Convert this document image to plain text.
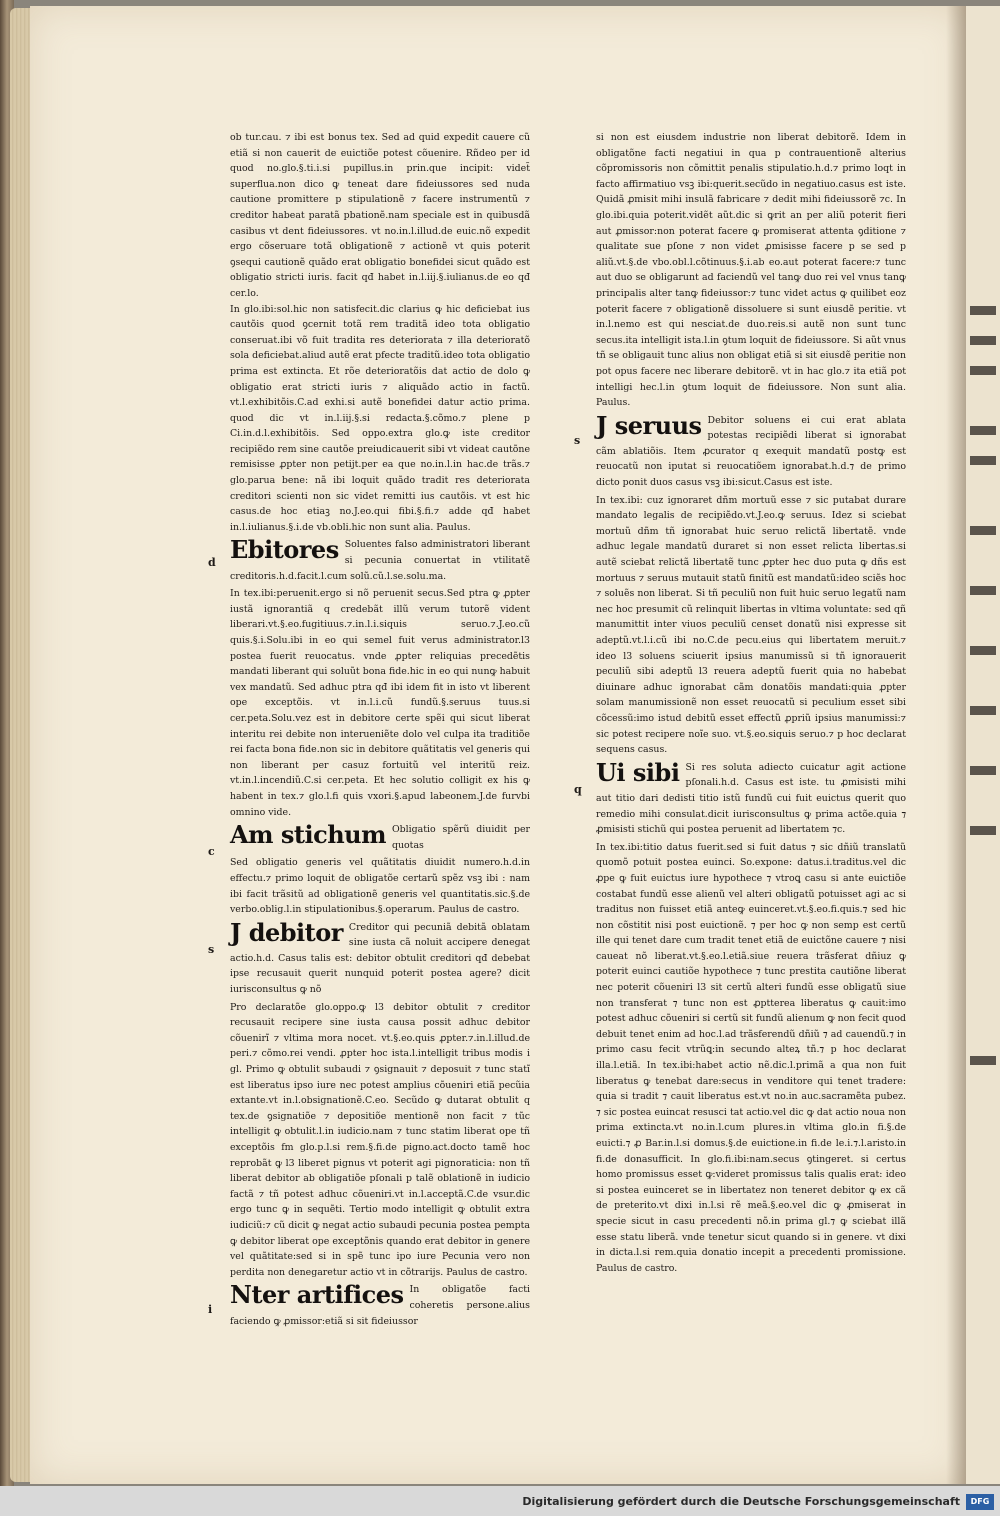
ob tur.cau. ⁊ ibi est bonus tex. Sed ad quid expedit cauere cũ etiã si non cauerit de euictiõe potest cõuenire. Rñdeo per id quod no.glo.§.ti.i.si pupillus.in prin.que incipit: videt̃ superflua.non dico ꝙ teneat dare fideiussores sed nuda cautione promittere p stipulationẽ ⁊ facere instrumentũ ⁊ creditor habeat paratã pbationẽ.nam speciale est in quibusdã casibus vt dent fideiussores. vt no.in.l.illud.de euic.nõ expedit ergo cõseruare totã obligationẽ ⁊ actionẽ vt quis poterit ꝯsequi cautionẽ quãdo erat obligatio bonefidei sicut quãdo est obligatio stricti iuris. facit qđ habet in.l.iij.§.iulianus.de eo qđ cer.lo.

In glo.ibi:sol.hic non satisfecit.dic clarius ꝙ hic deficiebat ius cautõis quod ꝯcernit totã rem traditã ideo tota obligatio conseruat.ibi võ fuit tradita res deteriorata ⁊ illa deterioratõ sola deficiebat.aliud autẽ erat pfecte traditũ.ideo tota obligatio prima est extincta. Et rõe deterioratõis dat actio de dolo ꝙ obligatio erat stricti iuris ⁊ aliquãdo actio in factũ. vt.l.exhibitõis.C.ad exhi.si autẽ bonefidei datur actio prima. quod dic vt in.l.iij.§.si redacta.§.cõmo.⁊ plene p Ci.in.d.l.exhibitõis. Sed oppo.extra glo.ꝙ iste creditor recipiẽdo rem sine cautõe preiudicauerit sibi vt videat cautõne remisisse ꝓpter non petijt.per ea que no.in.l.in hac.de trãs.⁊ glo.parua bene: nã ibi loquit quãdo tradit res deteriorata creditori scienti non sic videt remitti ius cautõis. vt est hic casus.de hoc etiaꝫ no.J.eo.qui fibi.§.fi.⁊ adde qđ habet in.l.iulianus.§.i.de vb.obli.hic non sunt alia. Paulus.

Ebitores Soluentes falso administratori liberant si pecunia conuertat in vtilitatẽ creditoris.h.d.facit.l.cum solũ.cũ.l.se.solu.ma.
d

In tex.ibi:peruenit.ergo si nõ peruenit secus.Sed ptra ꝙ ꝓpter iustã ignorantiã q credebãt illũ verum tutorẽ vident liberari.vt.§.eo.fugitiuus.⁊.in.l.i.siquis seruo.⁊.J.eo.cũ quis.§.i.Solu.ibi in eo qui semel fuit verus administrator.l3 postea fuerit reuocatus. vnde ꝓpter reliquias precedẽtis mandati liberant qui soluũt bona fide.hic in eo qui nunꝙ habuit vex mandatũ. Sed adhuc ptra qđ ibi idem fit in isto vt liberent ope exceptõis. vt in.l.i.cũ fundũ.§.seruus tuus.si cer.peta.Solu.vez est in debitore certe spẽi qui sicut liberat interitu rei debite non interueniẽte dolo vel culpa ita traditiõe rei facta bona fide.non sic in debitore quãtitatis vel generis qui non liberant per casuz fortuitũ vel interitũ reiz. vt.in.l.incendiũ.C.si cer.peta. Et hec solutio colligit ex his ꝙ habent in tex.⁊ glo.l.fi quis vxori.§.apud labeonem.J.de furvbi omnino vide.

Am stichum Obligatio spẽrũ diuidit per quotas
c

Sed obligatio generis vel quãtitatis diuidit numero.h.d.in effectu.⁊ primo loquit de obligatõe certarũ spẽz vsꝫ ibi : nam ibi facit trãsitũ ad obligationẽ generis vel quantitatis.sic.§.de verbo.oblig.l.in stipulationibus.§.operarum. Paulus de castro.

J debitor Creditor qui pecuniã debitã oblatam sine iusta cã noluit accipere denegat actio.h.d. Casus talis est: debitor obtulit creditori qđ debebat ipse recusauit querit nunquid poterit postea agere? dicit iurisconsultus ꝙ nõ
s

Pro declaratõe glo.oppo.ꝙ l3 debitor obtulit ⁊ creditor recusauit recipere sine iusta causa possit adhuc debitor cõuenirĩ ⁊ vltima mora nocet. vt.§.eo.quis ꝓpter.⁊.in.l.illud.de peri.⁊ cõmo.rei vendi. ꝓpter hoc ista.l.intelligit tribus modis i gl. Primo ꝙ obtulit subaudi ⁊ ꝯsignauit ⁊ deposuit ⁊ tunc statĩ est liberatus ipso iure nec potest amplius cõueniri etiã pecũia extante.vt in.l.obsignationẽ.C.eo. Secũdo ꝙ dutarat obtulit q tex.de ꝯsignatiõe ⁊ depositiõe mentionẽ non facit ⁊ tũc intelligit ꝙ obtulit.l.in iudicio.nam ⁊ tunc statim liberat ope tñ exceptõis fm glo.p.l.si rem.§.fi.de pigno.act.docto tamẽ hoc reprobãt ꝙ l3 liberet pignus vt poterit agi pignoraticia: non tñ liberat debitor ab obligatiõe pſonali p talẽ oblationẽ in iudicio factã ⁊ tñ potest adhuc cõueniri.vt in.l.acceptã.C.de vsur.dic ergo tunc ꝙ in sequẽti. Tertio modo intelligit ꝙ obtulit extra iudiciũ:⁊ cũ dicit ꝙ negat actio subaudi pecunia postea pempta ꝙ debitor liberat ope exceptõnis quando erat debitor in genere vel quãtitate:sed si in spẽ tunc ipo iure Pecunia vero non perdita non denegaretur actio vt in cõtrarijs. Paulus de castro.

Nter artifices In obligatõe facti coheretis persone.alius faciendo ꝙ ꝓmissor:etiã si sit fideiussor
i

si non est eiusdem industrie non liberat debitorẽ. Idem in obligatõne facti negatiui in qua p contrauentionẽ alterius cõpromissoris non cõmittit penalis stipulatio.h.d.⁊ primo loqt in facto affirmatiuo vsꝫ ibi:querit.secũdo in negatiuo.casus est iste. Quidã ꝓmisit mihi insulã fabricare ⁊ dedit mihi fideiussorẽ ⁊c. In glo.ibi.quia poterit.vidẽt aũt.dic si ꝙrit an per aliũ poterit fieri aut ꝓmissor:non poterat facere ꝙ promiserat attenta ꝯditione ⁊ qualitate sue pſone ⁊ non videt ꝓmisisse facere p se sed p aliũ.vt.§.de vbo.obl.l.cõtinuus.§.i.ab eo.aut poterat facere:⁊ tunc aut duo se obligarunt ad faciendũ vel tanꝙ duo rei vel vnus tanꝙ principalis alter tanꝙ fideiussor:⁊ tunc videt actus ꝙ quilibet eoz poterit facere ⁊ obligationẽ dissoluere si sunt eiusdẽ peritie. vt in.l.nemo est qui nesciat.de duo.reis.si autẽ non sunt tunc secus.ita intelligit ista.l.in ꝯtum loquit de fideiussore. Si aũt vnus tñ se obligauit tunc alius non obligat etiã si sit eiusdẽ peritie non pot opus facere nec liberare debitorẽ. vt in hac glo.⁊ ita etiã pot intelligi hec.l.in ꝯtum loquit de fideiussore. Non sunt alia. Paulus.

J seruus Debitor soluens ei cui erat ablata potestas recipiẽdi liberat si ignorabat cãm ablatiõis. Item ꝓcurator q exequit mandatũ postꝙ est reuocatũ non iputat si reuocatiõem ignorabat.h.d.⁊ de primo dicto ponit duos casus vsꝫ ibi:sicut.Casus est iste.
s

In tex.ibi: cuz ignoraret dñm mortuũ esse ⁊ sic putabat durare mandato legalis de recipiẽdo.vt.J.eo.ꝙ seruus. Idez si sciebat mortuũ dñm tñ ignorabat huic seruo relictã libertatẽ. vnde adhuc legale mandatũ duraret si non esset relicta libertas.si autẽ sciebat relictã libertatẽ tunc ꝓpter hec duo puta ꝙ dñs est mortuus ⁊ seruus mutauit statũ finitũ est mandatũ:ideo sciẽs hoc ⁊ soluẽs non liberat. Si tñ peculiũ non fuit huic seruo legatũ nam nec hoc presumit cũ relinquit libertas in vltima voluntate: sed qñ manumittit inter viuos peculiũ censet donatũ nisi expresse sit adeptũ.vt.l.i.cũ ibi no.C.de pecu.eius qui libertatem meruit.⁊ ideo l3 soluens sciuerit ipsius manumissũ si tñ ignorauerit peculiũ sibi adeptũ l3 reuera adeptũ fuerit quia no habebat diuinare adhuc ignorabat cãm donatõis mandati:quia ꝓpter solam manumissionẽ non esset reuocatũ si peculium esset sibi cõcessũ:imo istud debitũ esset effectũ ꝓpriũ ipsius manumissi:⁊ sic potest recipere noĩe suo. vt.§.eo.siquis seruo.⁊ p hoc declarat sequens casus.

Ui sibi Si res soluta adiecto cuicatur agit actione pſonali.h.d. Casus est iste. tu ꝓmisisti mihi aut titio dari dedisti titio istũ fundũ cui fuit euictus querit quo remedio mihi consulat.dicit iurisconsultus ꝙ prima actõe.quia ⁊ ꝓmisisti stichũ qui postea peruenit ad libertatem ⁊c.
q

In tex.ibi:titio datus fuerit.sed si fuit datus ⁊ sic dñiũ translatũ quomõ potuit postea euinci. So.expone: datus.i.traditus.vel dic ꝓpe ꝙ fuit euictus iure hypothece ⁊ vtroꝗ casu si ante euictiõe costabat fundũ esse alienũ vel alteri obligatũ potuisset agi ac si traditus non fuisset etiã anteꝙ euinceret.vt.§.eo.fi.quis.⁊ sed hic non cõstitit nisi post euictionẽ. ⁊ per hoc ꝙ non semp est certũ ille qui tenet dare cum tradit tenet etiã de euictõne cauere ⁊ nisi caueat nõ liberat.vt.§.eo.l.etiã.siue reuera trãsferat dñiuz ꝙ poterit euinci cautiõe hypothece ⁊ tunc prestita cautiõne liberat nec poterit cõueniri l3 sit certũ alteri fundũ esse obligatũ siue non transferat ⁊ tunc non est ꝓptterea liberatus ꝙ cauit:imo potest adhuc cõueniri si certũ sit fundũ alienum ꝙ non fecit quod debuit tenet enim ad hoc.l.ad trãsferendũ dñiũ ⁊ ad cauendũ.⁊ in primo casu fecit vtrũꝗ:in secundo alteꝝ tñ.⁊ p hoc declarat illa.l.etiã. In tex.ibi:habet actio nẽ.dic.l.primã a qua non fuit liberatus ꝙ tenebat dare:secus in venditore qui tenet tradere: quia si tradit ⁊ cauit liberatus est.vt no.in auc.sacramẽta pubez. ⁊ sic postea euincat resusci tat actio.vel dic ꝙ dat actio noua non prima extincta.vt no.in.l.cum plures.in vltima glo.in fi.§.de euicti.⁊ ꝓ Bar.in.l.si domus.§.de euictione.in fi.de le.i.⁊.l.aristo.in fi.de donasufficit. In glo.fi.ibi:nam.secus ꝯtingeret. si certus homo promissus esset ꝙ:videret promissus talis qualis erat: ideo si postea euinceret se in libertatez non teneret debitor ꝙ ex cã de preterito.vt dixi in.l.si rẽ meã.§.eo.vel dic ꝙ ꝓmiserat in specie sicut in casu precedenti nõ.in prima gl.⁊ ꝙ sciebat illã esse statu liberã. vnde tenetur sicut quando si in genere. vt dixi in dicta.l.si rem.quia donatio incepit a precedenti promissione. Paulus de castro.

Digitalisierung gefördert durch die Deutsche Forschungsgemeinschaft	DFG
